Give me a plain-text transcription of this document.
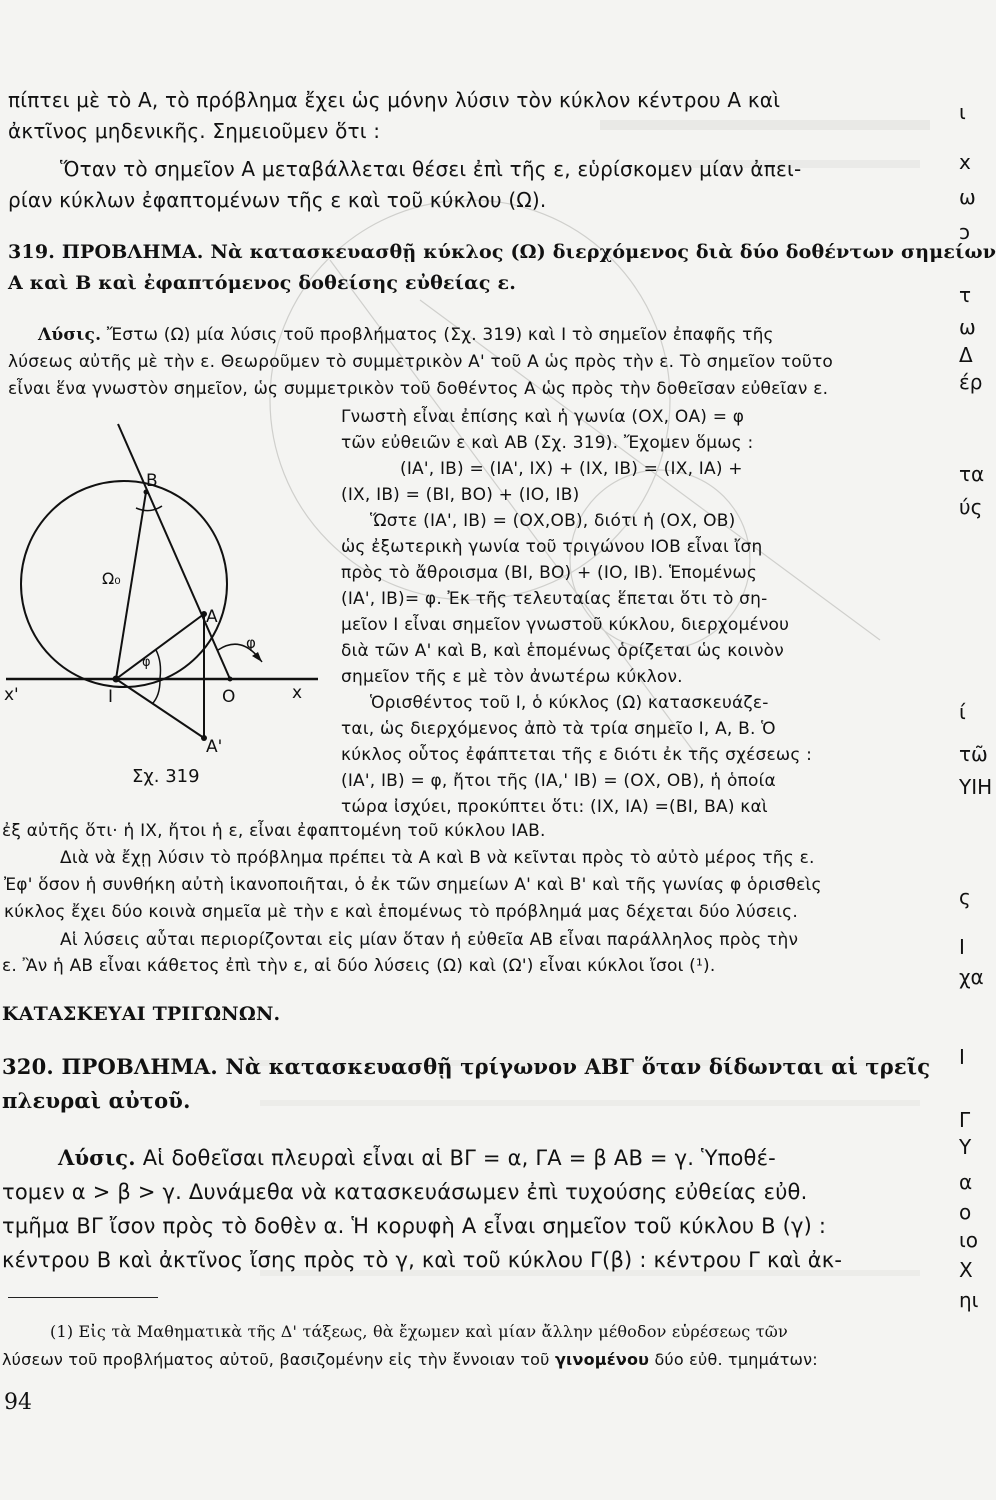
πίπτει μὲ τὸ Α, τὸ πρόβλημα ἔχει ὡς μόνην λύσιν τὸν κύκλον κέντρου Α καὶ
ἀκτῖνος μηδενικῆς. Σημειοῦμεν ὅτι :
Ὅταν τὸ σημεῖον Α μεταβάλλεται θέσει ἐπὶ τῆς ε, εὑρίσκομεν μίαν ἀπει-
ρίαν κύκλων ἐφαπτομένων τῆς ε καὶ τοῦ κύκλου (Ω).
319. ΠΡΟΒΛΗΜΑ. Νὰ κατασκευασθῇ κύκλος (Ω) διερχόμενος διὰ δύο δοθέντων σημείων
Α καὶ Β καὶ ἐφαπτόμενος δοθείσης εὐθείας ε.
Λύσις. Ἔστω (Ω) μία λύσις τοῦ προβλήματος (Σχ. 319) καὶ Ι τὸ σημεῖον ἐπαφῆς τῆς
λύσεως αὐτῆς μὲ τὴν ε. Θεωροῦμεν τὸ συμμετρικὸν Α' τοῦ Α ὡς πρὸς τὴν ε. Τὸ σημεῖον τοῦτο
εἶναι ἕνα γνωστὸν σημεῖον, ὡς συμμετρικὸν τοῦ δοθέντος Α ὡς πρὸς τὴν δοθεῖσαν εὐθεῖαν ε.
Γνωστὴ εἶναι ἐπίσης καὶ ἡ γωνία (ΟΧ, ΟΑ) = φ
τῶν εὐθειῶν ε καὶ ΑΒ (Σχ. 319). Ἔχομεν ὅμως :
(ΙΑ', ΙΒ) = (ΙΑ', ΙΧ) + (ΙΧ, ΙΒ) = (ΙΧ, ΙΑ) +
(ΙΧ, ΙΒ) = (ΒΙ, ΒΟ) + (ΙΟ, ΙΒ)
Ὥστε (ΙΑ', ΙΒ) = (ΟΧ,ΟΒ), διότι ἡ (ΟΧ, ΟΒ)
ὡς ἐξωτερικὴ γωνία τοῦ τριγώνου ΙΟΒ εἶναι ἴση
πρὸς τὸ ἄθροισμα (ΒΙ, ΒΟ) + (ΙΟ, ΙΒ). Ἑπομένως
(ΙΑ', ΙΒ)= φ. Ἐκ τῆς τελευταίας ἕπεται ὅτι τὸ ση-
μεῖον Ι εἶναι σημεῖον γνωστοῦ κύκλου, διερχομένου
διὰ τῶν Α' καὶ Β, καὶ ἑπομένως ὁρίζεται ὡς κοινὸν
σημεῖον τῆς ε μὲ τὸν ἀνωτέρω κύκλον.
Ὁρισθέντος τοῦ Ι, ὁ κύκλος (Ω) κατασκευάζε-
ται, ὡς διερχόμενος ἀπὸ τὰ τρία σημεῖο Ι, Α, Β. Ὁ
κύκλος οὗτος ἐφάπτεται τῆς ε διότι ἐκ τῆς σχέσεως :
(ΙΑ', ΙΒ) = φ, ἤτοι τῆς (ΙΑ,' ΙΒ) = (ΟΧ, ΟΒ), ἡ ὁποία
τώρα ἰσχύει, προκύπτει ὅτι: (ΙΧ, ΙΑ) =(ΒΙ, ΒΑ) καὶ
Β
Α
Α'
Ι	Ο	x
x'
φ
φ
Ω₀
Σχ. 319
ἐξ αὐτῆς ὅτι· ἡ ΙΧ, ἤτοι ἡ ε, εἶναι ἐφαπτομένη τοῦ κύκλου ΙΑΒ.
Διὰ νὰ ἔχῃ λύσιν τὸ πρόβλημα πρέπει τὰ Α καὶ Β νὰ κεῖνται πρὸς τὸ αὐτὸ μέρος τῆς ε.
Ἐφ' ὅσον ἡ συνθήκη αὐτὴ ἱκανοποιῆται, ὁ ἐκ τῶν σημείων Α' καὶ Β' καὶ τῆς γωνίας φ ὁρισθεὶς
κύκλος ἔχει δύο κοινὰ σημεῖα μὲ τὴν ε καὶ ἑπομένως τὸ πρόβλημά μας δέχεται δύο λύσεις.
Αἱ λύσεις αὗται περιορίζονται εἰς μίαν ὅταν ἡ εὐθεῖα ΑΒ εἶναι παράλληλος πρὸς τὴν
ε. Ἂν ἡ ΑΒ εἶναι κάθετος ἐπὶ τὴν ε, αἱ δύο λύσεις (Ω) καὶ (Ω') εἶναι κύκλοι ἴσοι (¹).
ΚΑΤΑΣΚΕΥΑΙ ΤΡΙΓΩΝΩΝ.
320. ΠΡΟΒΛΗΜΑ. Νὰ κατασκευασθῇ τρίγωνον ΑΒΓ ὅταν δίδωνται αἱ τρεῖς
πλευραὶ αὐτοῦ.
Λύσις. Αἱ δοθεῖσαι πλευραὶ εἶναι αἱ ΒΓ = α, ΓΑ = β ΑΒ = γ. Ὑποθέ-
τομεν α > β > γ. Δυνάμεθα νὰ κατασκευάσωμεν ἐπὶ τυχούσης εὐθείας εὐθ.
τμῆμα ΒΓ ἴσον πρὸς τὸ δοθὲν α. Ἡ κορυφὴ Α εἶναι σημεῖον τοῦ κύκλου Β (γ) :
κέντρου Β καὶ ἀκτῖνος ἴσης πρὸς τὸ γ, καὶ τοῦ κύκλου Γ(β) : κέντρου Γ καὶ ἀκ-
(1) Εἰς τὰ Μαθηματικὰ τῆς Δ' τάξεως, θὰ ἔχωμεν καὶ μίαν ἄλλην μέθοδον εὑρέσεως τῶν
λύσεων τοῦ προβλήματος αὐτοῦ, βασιζομένην εἰς τὴν ἔννοιαν τοῦ γινομένου δύο εὐθ. τμημάτων:
94
ι
x
ω
ɔ
τ
ω
Δ
έρ
τα
ύς
ί
τῶ
ΥΙΗ
ς
Ι
χα
Ι
Γ
Υ
α
ο
ιο
Χ
ηι
